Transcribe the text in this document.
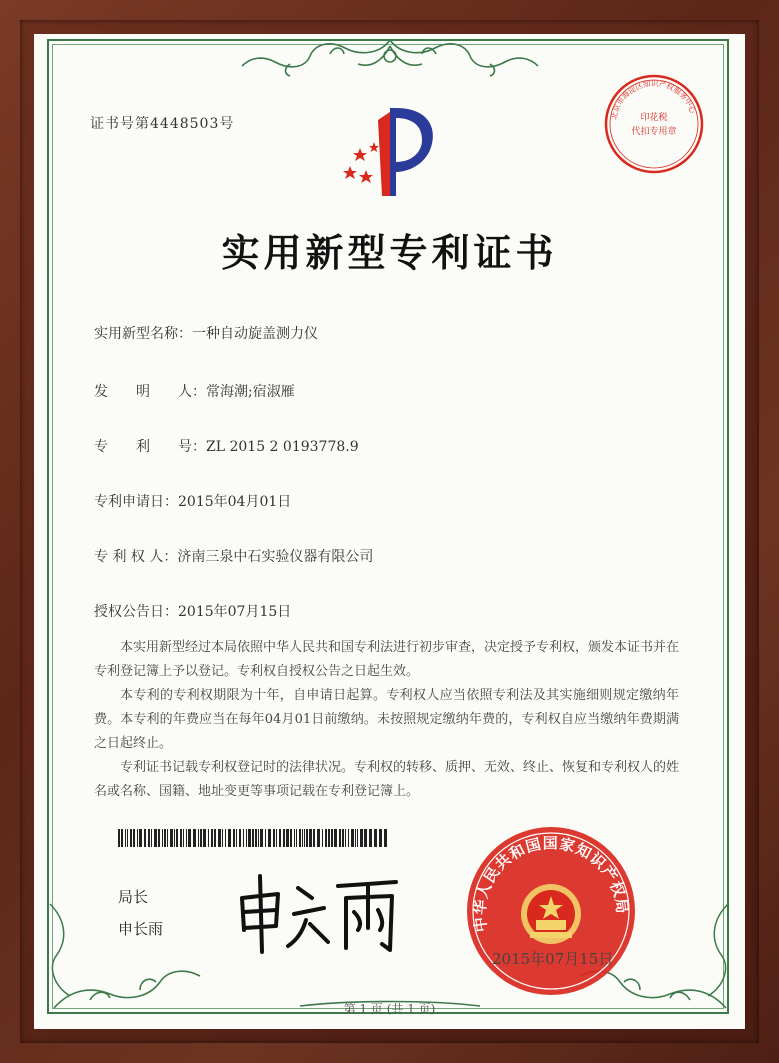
证书号第4448503号	印花税
代扣专用章
北京市海淀区知识产权服务中心
实用新型专利证书
实用新型名称：一种自动旋盖测力仪
发　　明　　人：常海潮;宿淑雁
专　　利　　号：ZL 2015 2 0193778.9
专利申请日：2015年04月01日
专 利 权 人：济南三泉中石实验仪器有限公司
授权公告日：2015年07月15日

本实用新型经过本局依照中华人民共和国专利法进行初步审查，决定授予专利权，颁发本证书并在专利登记簿上予以登记。专利权自授权公告之日起生效。

本专利的专利权期限为十年，自申请日起算。专利权人应当依照专利法及其实施细则规定缴纳年费。本专利的年费应当在每年04月01日前缴纳。未按照规定缴纳年费的，专利权自应当缴纳年费期满之日起终止。

专利证书记载专利权登记时的法律状况。专利权的转移、质押、无效、终止、恢复和专利权人的姓名或名称、国籍、地址变更等事项记载在专利登记簿上。

局长
申长雨	中华人民共和国国家知识产权局
2015年07月15日
第 1 页 (共 1 页)
